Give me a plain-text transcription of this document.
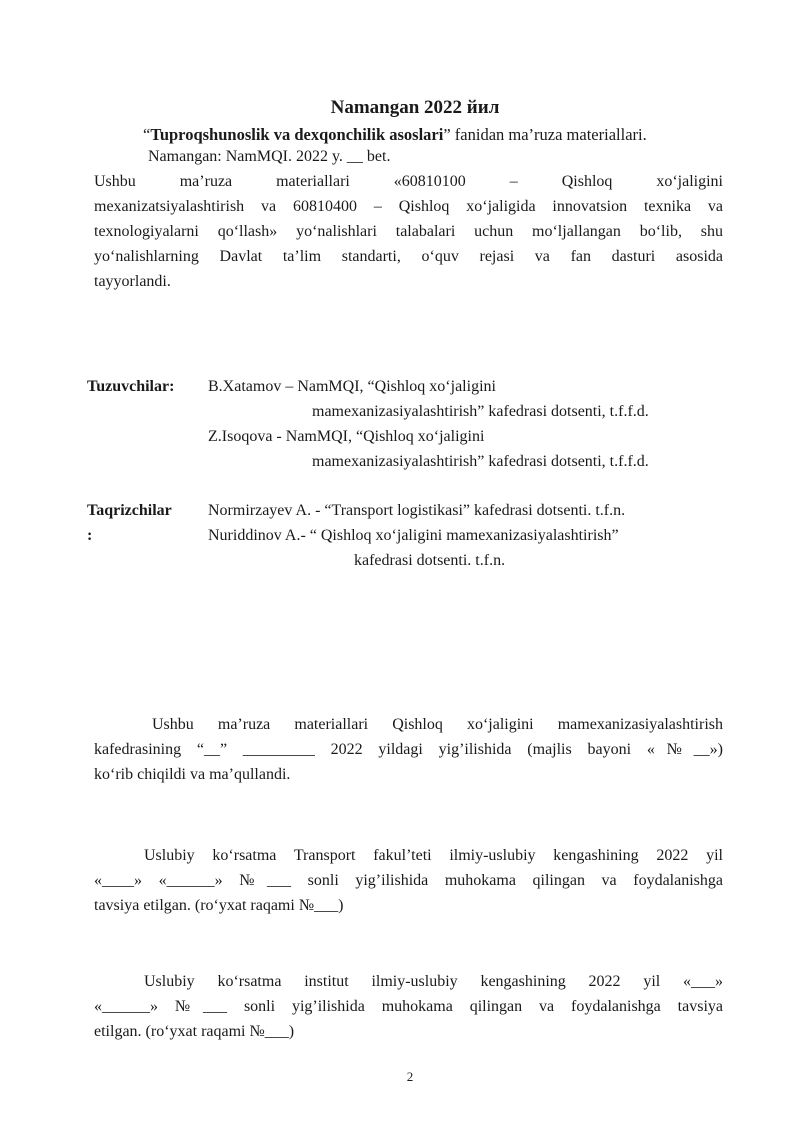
Namangan 2022 йил
“Tuproqshunoslik va dexqonchilik asoslari” fanidan ma’ruza materiallari.
Namangan: NamMQI. 2022 y. __ bet.
Ushbu ma’ruza materiallari «60810100 – Qishloq xo‘jaligini
mexanizatsiyalashtirish va 60810400 – Qishloq xo‘jaligida innovatsion texnika va
texnologiyalarni qo‘llash» yo‘nalishlari talabalari uchun mo‘ljallangan bo‘lib, shu
yo‘nalishlarning Davlat ta’lim standarti, o‘quv rejasi va fan dasturi asosida
tayyorlandi.
Tuzuvchilar: B.Xatamov – NamMQI, “Qishloq xo‘jaligini
mamexanizasiyalashtirish” kafedrasi dotsenti, t.f.f.d.
Z.Isoqova - NamMQI, “Qishloq xo‘jaligini
mamexanizasiyalashtirish” kafedrasi dotsenti, t.f.f.d.
Taqrizchilar
:
Normirzayev A. - “Transport logistikasi” kafedrasi dotsenti. t.f.n.
Nuriddinov A.- “ Qishloq xo‘jaligini mamexanizasiyalashtirish”
kafedrasi dotsenti. t.f.n.
Ushbu ma’ruza materiallari Qishloq xo‘jaligini mamexanizasiyalashtirish
kafedrasining “__” _________ 2022 yildagi yig’ilishida (majlis bayoni «№__»)
ko‘rib chiqildi va ma’qullandi.
Uslubiy ko‘rsatma Transport fakul’teti ilmiy-uslubiy kengashining 2022 yil
«____» «______» №___ sonli yig’ilishida muhokama qilingan va foydalanishga
tavsiya etilgan. (ro‘yxat raqami №___)
Uslubiy ko‘rsatma institut ilmiy-uslubiy kengashining 2022 yil «___»
«______» №___ sonli yig’ilishida muhokama qilingan va foydalanishga tavsiya
etilgan. (ro‘yxat raqami №___)
2
